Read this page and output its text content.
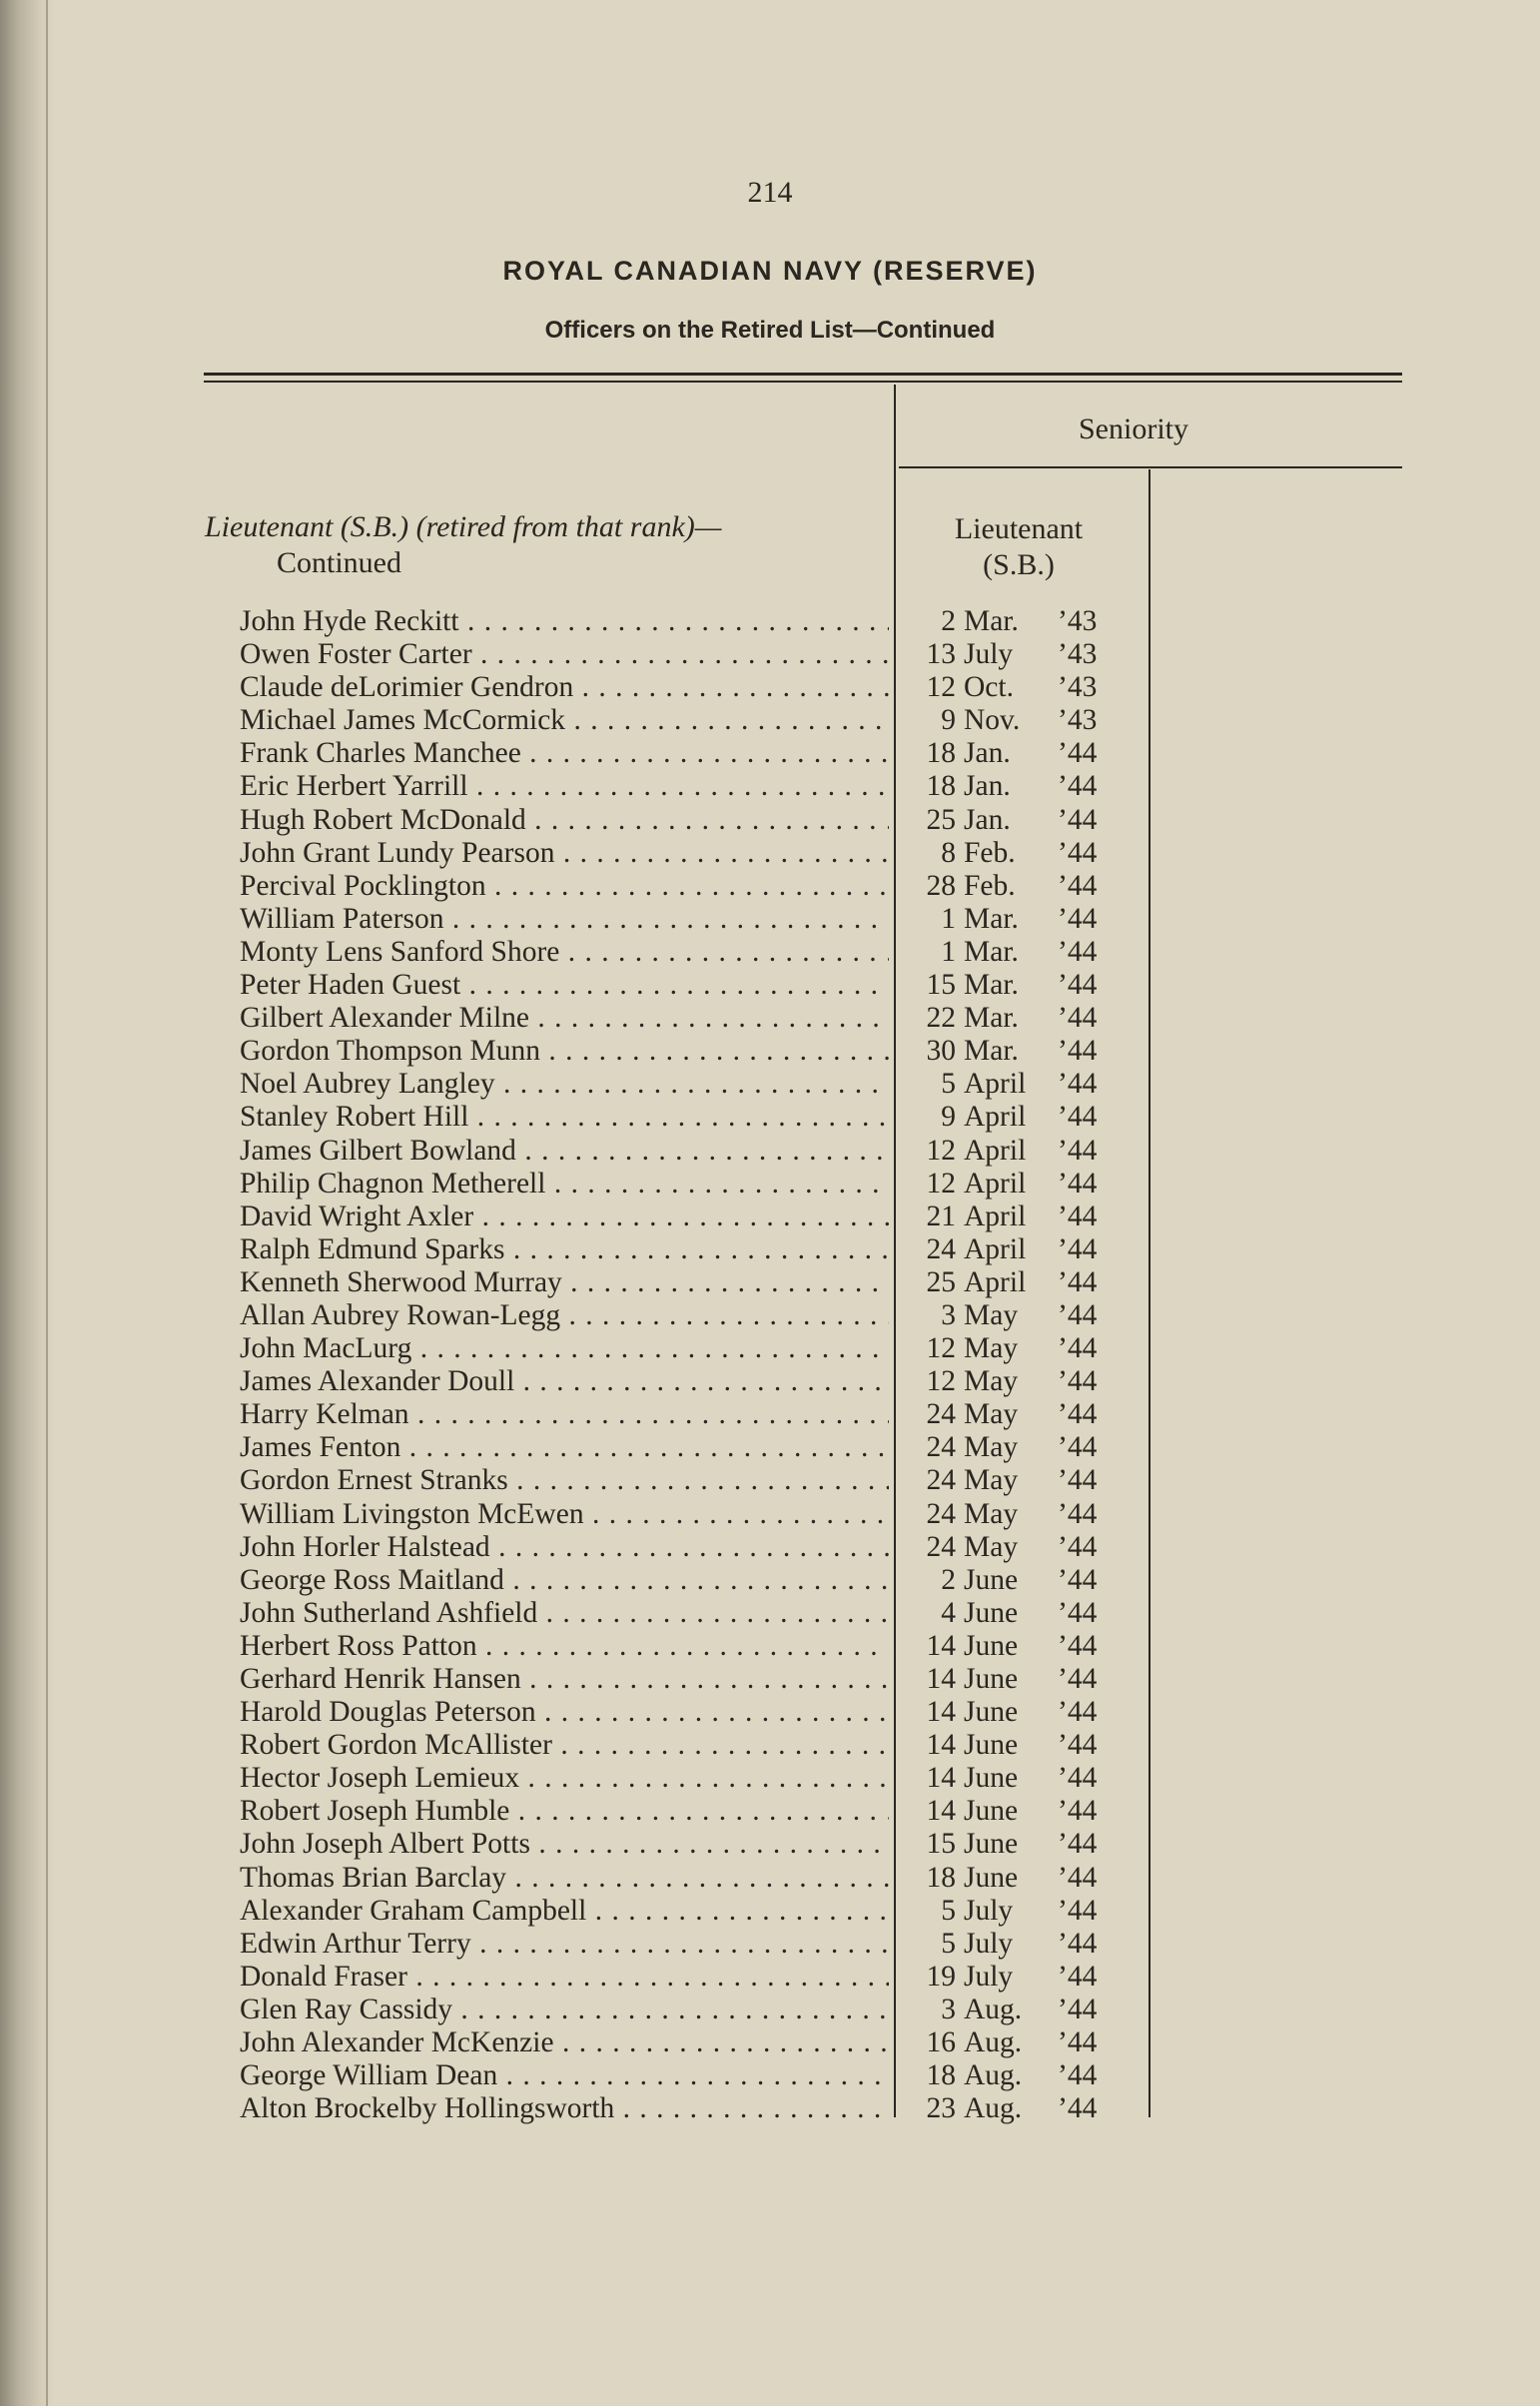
214
ROYAL CANADIAN NAVY (RESERVE)
Officers on the Retired List—Continued
Seniority
Lieutenant (S.B.) (retired from that rank)—
Continued
Lieutenant
(S.B.)
John Hyde Reckitt . . .	2 Mar.	’43
Owen Foster Carter . . .	13 July	’43
Claude deLorimier Gendron . . .	12 Oct.	’43
Michael James McCormick . . .	9 Nov.	’43
Frank Charles Manchee . . .	18 Jan.	’44
Eric Herbert Yarrill . . .	18 Jan.	’44
Hugh Robert McDonald . . .	25 Jan.	’44
John Grant Lundy Pearson . . .	8 Feb.	’44
Percival Pocklington . . .	28 Feb.	’44
William Paterson . . .	1 Mar.	’44
Monty Lens Sanford Shore . . .	1 Mar.	’44
Peter Haden Guest . . .	15 Mar.	’44
Gilbert Alexander Milne . . .	22 Mar.	’44
Gordon Thompson Munn . . .	30 Mar.	’44
Noel Aubrey Langley . . .	5 April	’44
Stanley Robert Hill . . .	9 April	’44
James Gilbert Bowland . . .	12 April	’44
Philip Chagnon Metherell . . .	12 April	’44
David Wright Axler . . .	21 April	’44
Ralph Edmund Sparks . . .	24 April	’44
Kenneth Sherwood Murray . . .	25 April	’44
Allan Aubrey Rowan-Legg . . .	3 May	’44
John MacLurg . . .	12 May	’44
James Alexander Doull . . .	12 May	’44
Harry Kelman . . .	24 May	’44
James Fenton . . .	24 May	’44
Gordon Ernest Stranks . . .	24 May	’44
William Livingston McEwen . . .	24 May	’44
John Horler Halstead . . .	24 May	’44
George Ross Maitland . . .	2 June	’44
John Sutherland Ashfield . . .	4 June	’44
Herbert Ross Patton . . .	14 June	’44
Gerhard Henrik Hansen . . .	14 June	’44
Harold Douglas Peterson . . .	14 June	’44
Robert Gordon McAllister . . .	14 June	’44
Hector Joseph Lemieux . . .	14 June	’44
Robert Joseph Humble . . .	14 June	’44
John Joseph Albert Potts . . .	15 June	’44
Thomas Brian Barclay . . .	18 June	’44
Alexander Graham Campbell . . .	5 July	’44
Edwin Arthur Terry . . .	5 July	’44
Donald Fraser . . .	19 July	’44
Glen Ray Cassidy . . .	3 Aug.	’44
John Alexander McKenzie . . .	16 Aug.	’44
George William Dean . . .	18 Aug.	’44
Alton Brockelby Hollingsworth . . .	23 Aug.	’44
